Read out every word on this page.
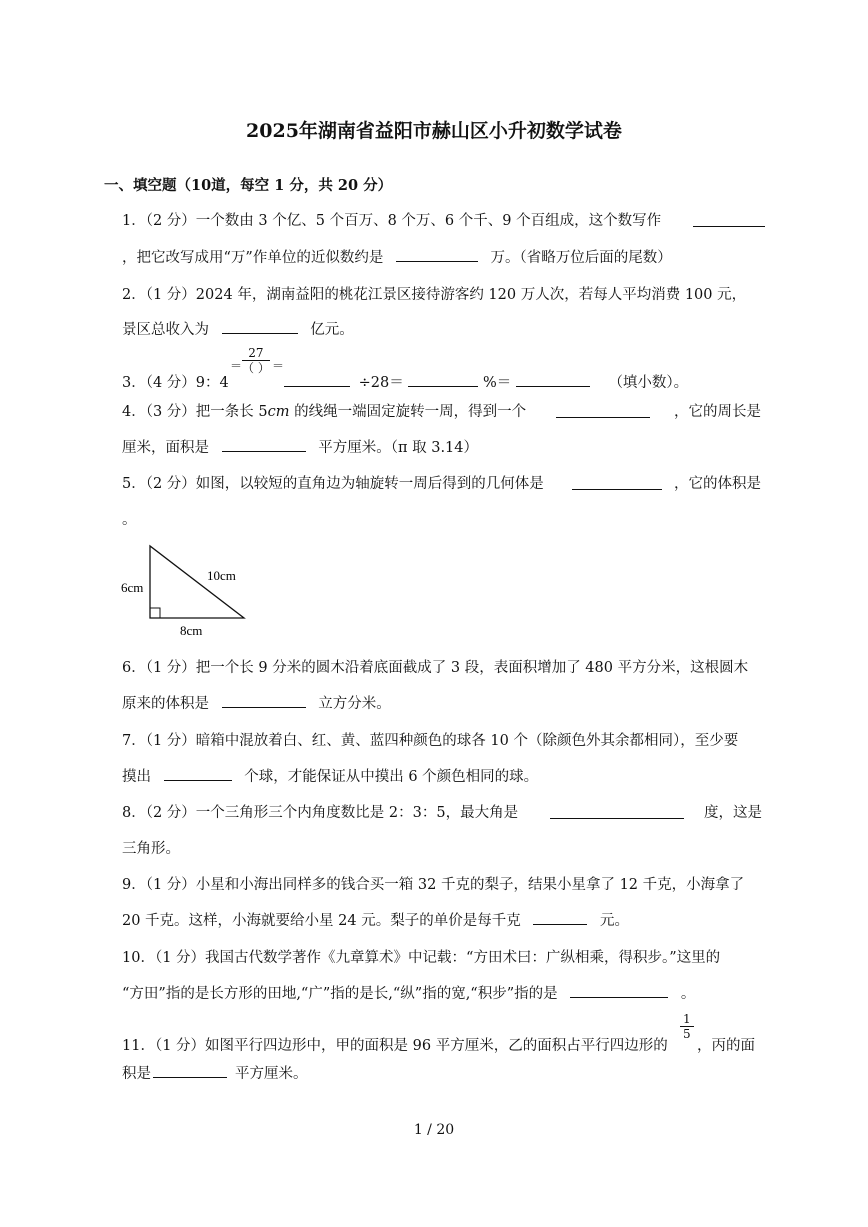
2025年湖南省益阳市赫山区小升初数学试卷
一、填空题（10道，每空 1 分，共 20 分）
1．（2 分）一个数由 3 个亿、5 个百万、8 个万、6 个千、9 个百组成，这个数写作
，把它改写成用“万”作单位的近似数约是	万。（省略万位后面的尾数）
2．（1 分）2024 年，湖南益阳的桃花江景区接待游客约 120 万人次，若每人平均消费 100 元，
景区总收入为	亿元。
3．（4 分）9：4
＝
27
（ ） ＝
÷28＝	%＝	（填小数）。
4．（3 分）把一条长 5cm 的线绳一端固定旋转一周，得到一个	，它的周长是
厘米，面积是	平方厘米。（π 取 3.14）
5．（2 分）如图，以较短的直角边为轴旋转一周后得到的几何体是	，它的体积是
。
6cm
10cm
8cm
6．（1 分）把一个长 9 分米的圆木沿着底面截成了 3 段，表面积增加了 480 平方分米，这根圆木
原来的体积是	立方分米。
7．（1 分）暗箱中混放着白、红、黄、蓝四种颜色的球各 10 个（除颜色外其余都相同），至少要
摸出	个球，才能保证从中摸出 6 个颜色相同的球。
8．（2 分）一个三角形三个内角度数比是 2：3：5，最大角是	度，这是
三角形。
9．（1 分）小星和小海出同样多的钱合买一箱 32 千克的梨子，结果小星拿了 12 千克，小海拿了
20 千克。这样，小海就要给小星 24 元。梨子的单价是每千克	元。
10．（1 分）我国古代数学著作《九章算术》中记载：“方田术曰：广纵相乘，得积步。”这里的
“方田”指的是长方形的田地,“广”指的是长,“纵”指的宽,“积步”指的是	。
11．（1 分）如图平行四边形中，甲的面积是 96 平方厘米，乙的面积占平行四边形的
$\frac{1}{5}$
，丙的面
积是	平方厘米。
1 / 20
